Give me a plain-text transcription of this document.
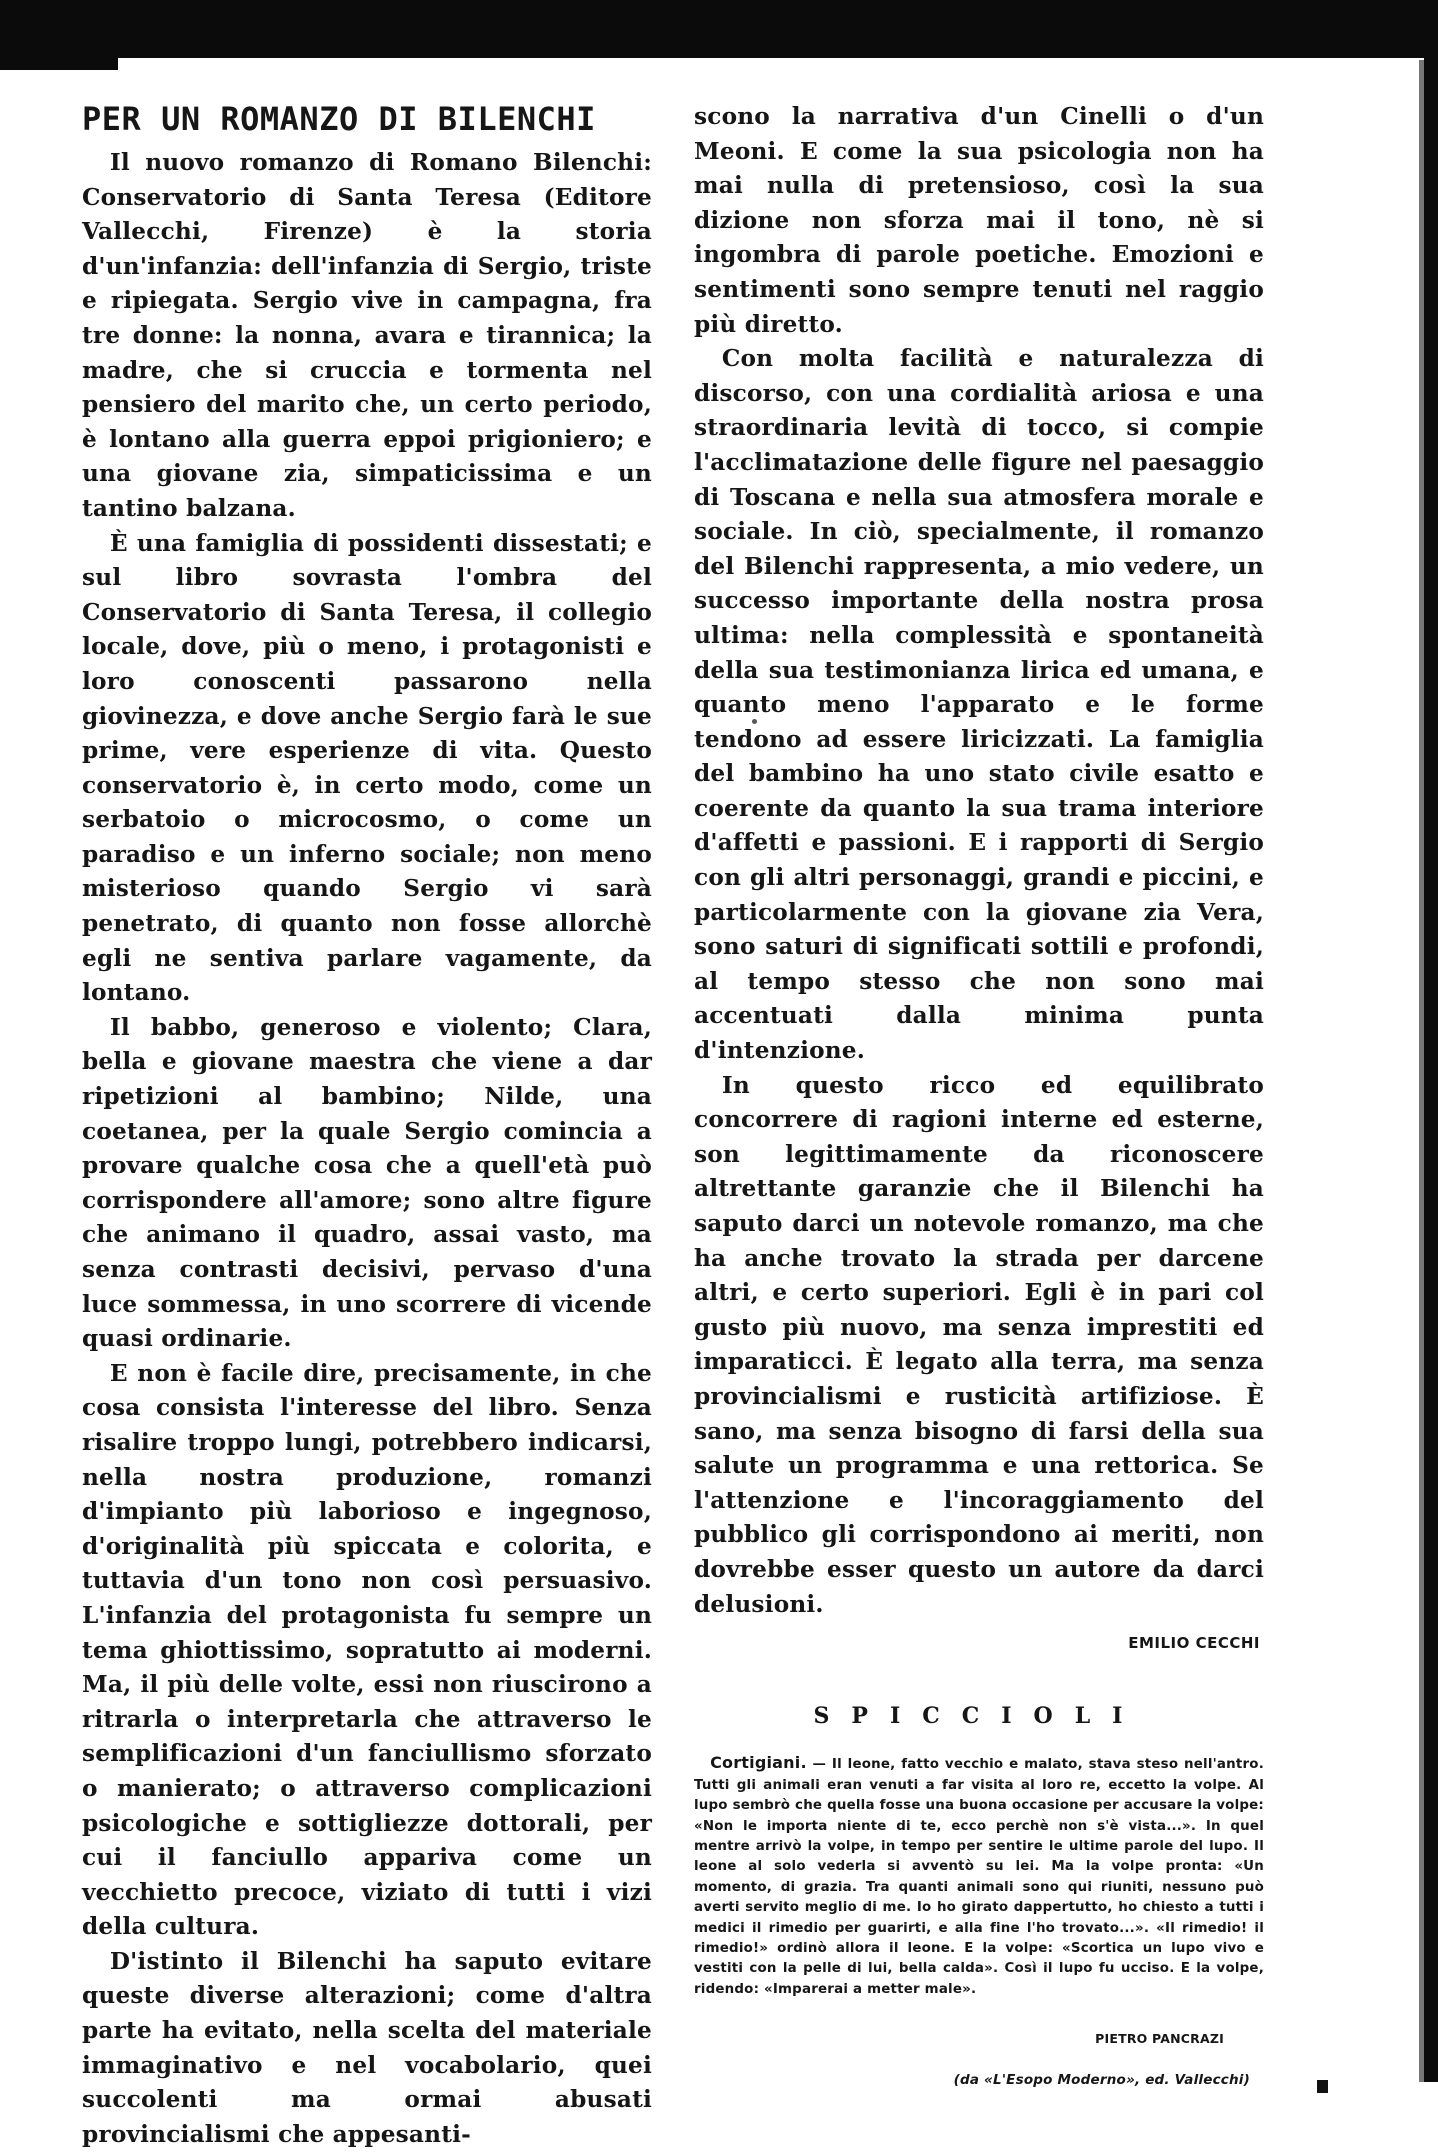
PER UN ROMANZO DI BILENCHI

Il nuovo romanzo di Romano Bilenchi: Conservatorio di Santa Teresa (Editore Vallecchi, Firenze) è la storia d'un'infanzia: dell'infanzia di Sergio, triste e ripiegata. Sergio vive in campagna, fra tre donne: la nonna, avara e tirannica; la madre, che si cruccia e tormenta nel pensiero del marito che, un certo periodo, è lontano alla guerra eppoi prigioniero; e una giovane zia, simpaticissima e un tantino balzana.

È una famiglia di possidenti dissestati; e sul libro sovrasta l'ombra del Conservatorio di Santa Teresa, il collegio locale, dove, più o meno, i protagonisti e loro conoscenti passarono nella giovinezza, e dove anche Sergio farà le sue prime, vere esperienze di vita. Questo conservatorio è, in certo modo, come un serbatoio o microcosmo, o come un paradiso e un inferno sociale; non meno misterioso quando Sergio vi sarà penetrato, di quanto non fosse allorchè egli ne sentiva parlare vagamente, da lontano.

Il babbo, generoso e violento; Clara, bella e giovane maestra che viene a dar ripetizioni al bambino; Nilde, una coetanea, per la quale Sergio comincia a provare qualche cosa che a quell'età può corrispondere all'amore; sono altre figure che animano il quadro, assai vasto, ma senza contrasti decisivi, pervaso d'una luce sommessa, in uno scorrere di vicende quasi ordinarie.

E non è facile dire, precisamente, in che cosa consista l'interesse del libro. Senza risalire troppo lungi, potrebbero indicarsi, nella nostra produzione, romanzi d'impianto più laborioso e ingegnoso, d'originalità più spiccata e colorita, e tuttavia d'un tono non così persuasivo. L'infanzia del protagonista fu sempre un tema ghiottissimo, sopratutto ai moderni. Ma, il più delle volte, essi non riuscirono a ritrarla o interpretarla che attraverso le semplificazioni d'un fanciullismo sforzato o manierato; o attraverso complicazioni psicologiche e sottigliezze dottorali, per cui il fanciullo appariva come un vecchietto precoce, viziato di tutti i vizi della cultura.

D'istinto il Bilenchi ha saputo evitare queste diverse alterazioni; come d'altra parte ha evitato, nella scelta del materiale immaginativo e nel vocabolario, quei succolenti ma ormai abusati provincialismi che appesanti-

scono la narrativa d'un Cinelli o d'un Meoni. E come la sua psicologia non ha mai nulla di pretensioso, così la sua dizione non sforza mai il tono, nè si ingombra di parole poetiche. Emozioni e sentimenti sono sempre tenuti nel raggio più diretto.

Con molta facilità e naturalezza di discorso, con una cordialità ariosa e una straordinaria levità di tocco, si compie l'acclimatazione delle figure nel paesaggio di Toscana e nella sua atmosfera morale e sociale. In ciò, specialmente, il romanzo del Bilenchi rappresenta, a mio vedere, un successo importante della nostra prosa ultima: nella complessità e spontaneità della sua testimonianza lirica ed umana, e quanto meno l'apparato e le forme tendono ad essere liricizzati. La famiglia del bambino ha uno stato civile esatto e coerente da quanto la sua trama interiore d'affetti e passioni. E i rapporti di Sergio con gli altri personaggi, grandi e piccini, e particolarmente con la giovane zia Vera, sono saturi di significati sottili e profondi, al tempo stesso che non sono mai accentuati dalla minima punta d'intenzione.

In questo ricco ed equilibrato concorrere di ragioni interne ed esterne, son legittimamente da riconoscere altrettante garanzie che il Bilenchi ha saputo darci un notevole romanzo, ma che ha anche trovato la strada per darcene altri, e certo superiori. Egli è in pari col gusto più nuovo, ma senza imprestiti ed imparaticci. È legato alla terra, ma senza provincialismi e rusticità artifiziose. È sano, ma senza bisogno di farsi della sua salute un programma e una rettorica. Se l'attenzione e l'incoraggiamento del pubblico gli corrispondono ai meriti, non dovrebbe esser questo un autore da darci delusioni.

EMILIO CECCHI
SPICCIOLI

Cortigiani. — Il leone, fatto vecchio e malato, stava steso nell'antro. Tutti gli animali eran venuti a far visita al loro re, eccetto la volpe. Al lupo sembrò che quella fosse una buona occasione per accusare la volpe: «Non le importa niente di te, ecco perchè non s'è vista...». In quel mentre arrivò la volpe, in tempo per sentire le ultime parole del lupo. Il leone al solo vederla si avventò su lei. Ma la volpe pronta: «Un momento, di grazia. Tra quanti animali sono qui riuniti, nessuno può averti servito meglio di me. Io ho girato dappertutto, ho chiesto a tutti i medici il rimedio per guarirti, e alla fine l'ho trovato...». «Il rimedio! il rimedio!» ordinò allora il leone. E la volpe: «Scortica un lupo vivo e vestiti con la pelle di lui, bella calda». Così il lupo fu ucciso. E la volpe, ridendo: «Imparerai a metter male».

PIETRO PANCRAZI
(da «L'Esopo Moderno», ed. Vallecchi)
